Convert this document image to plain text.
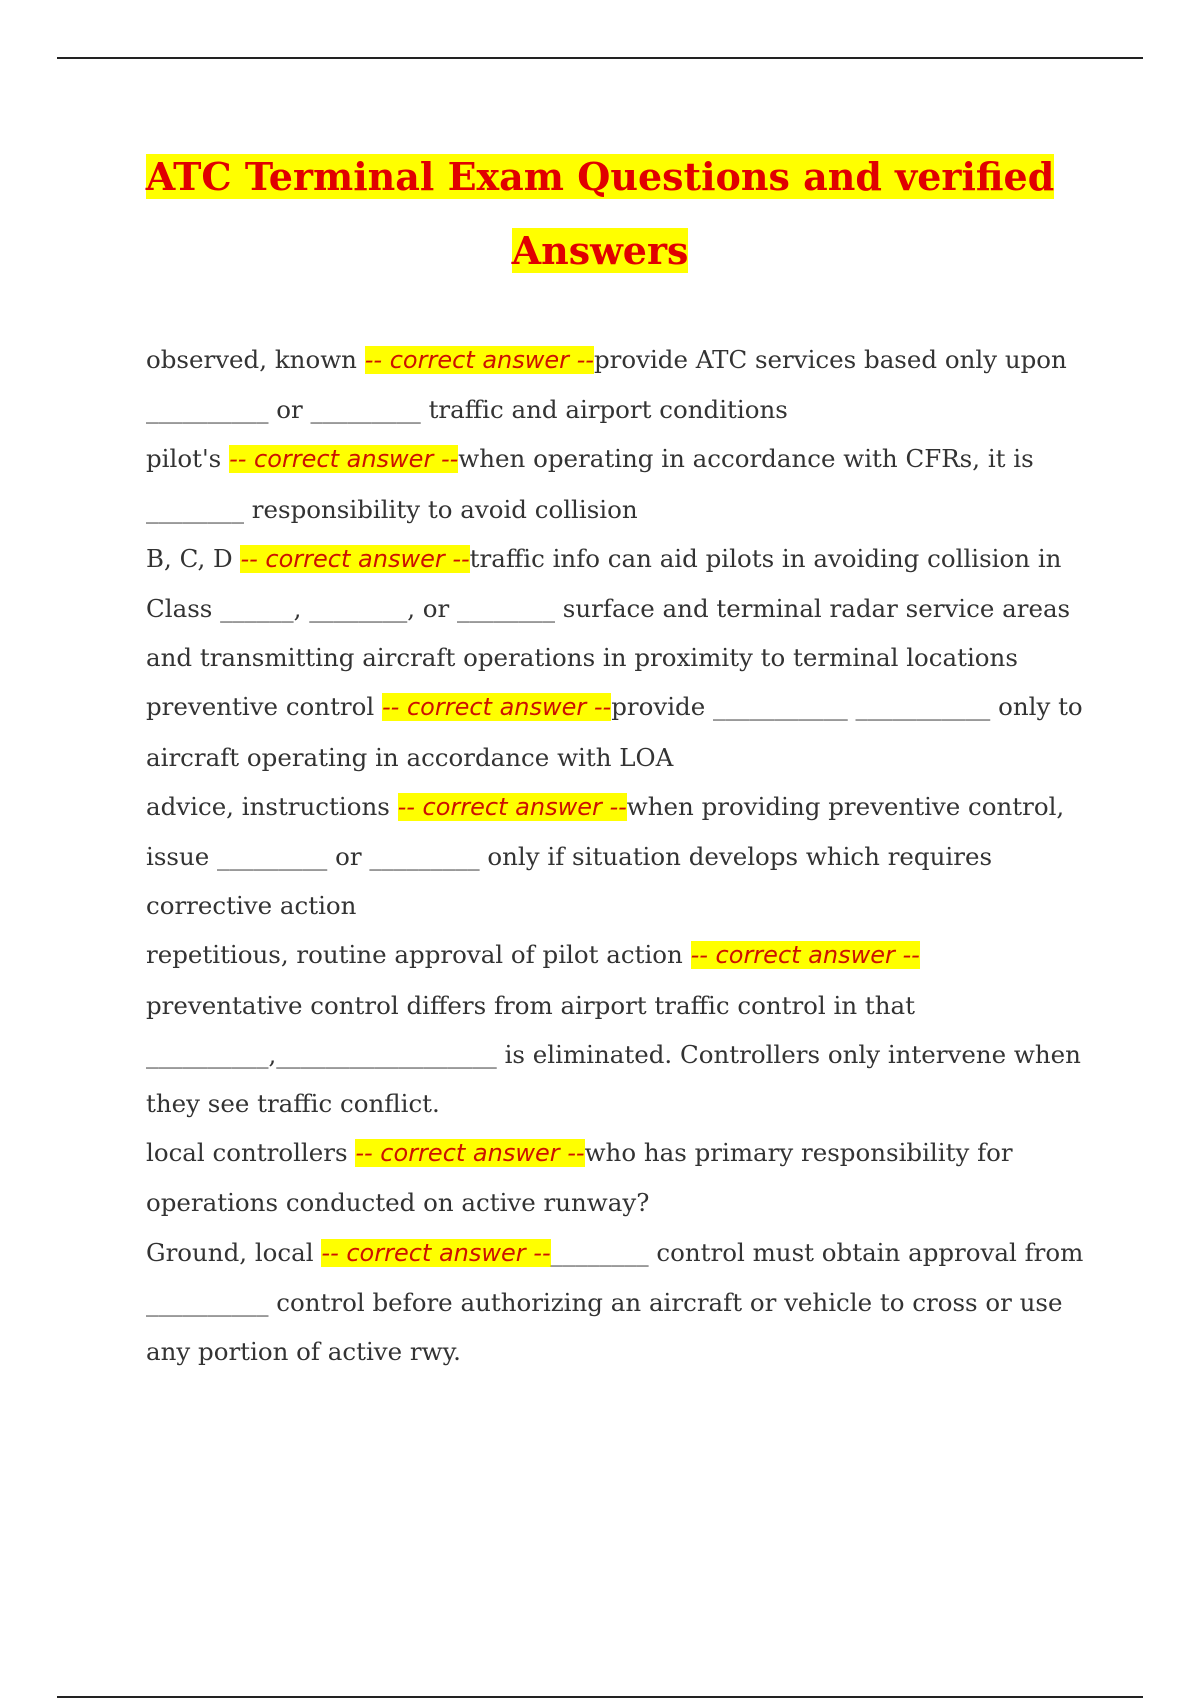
ATC Terminal Exam Questions and verified
Answers

observed, known -- correct answer --provide ATC services based only upon __________ or _________ traffic and airport conditions

pilot's -- correct answer --when operating in accordance with CFRs, it is ________ responsibility to avoid collision

B, C, D -- correct answer --traffic info can aid pilots in avoiding collision in Class ______, ________, or ________ surface and terminal radar service areas and transmitting aircraft operations in proximity to terminal locations

preventive control -- correct answer --provide ___________ ___________ only to aircraft operating in accordance with LOA

advice, instructions -- correct answer --when providing preventive control, issue _________ or _________ only if situation develops which requires corrective action

repetitious, routine approval of pilot action -- correct answer --
preventative control differs from airport traffic control in that __________,__________________ is eliminated. Controllers only intervene when they see traffic conflict.

local controllers -- correct answer --who has primary responsibility for operations conducted on active runway?

Ground, local -- correct answer --________ control must obtain approval from __________ control before authorizing an aircraft or vehicle to cross or use any portion of active rwy.
